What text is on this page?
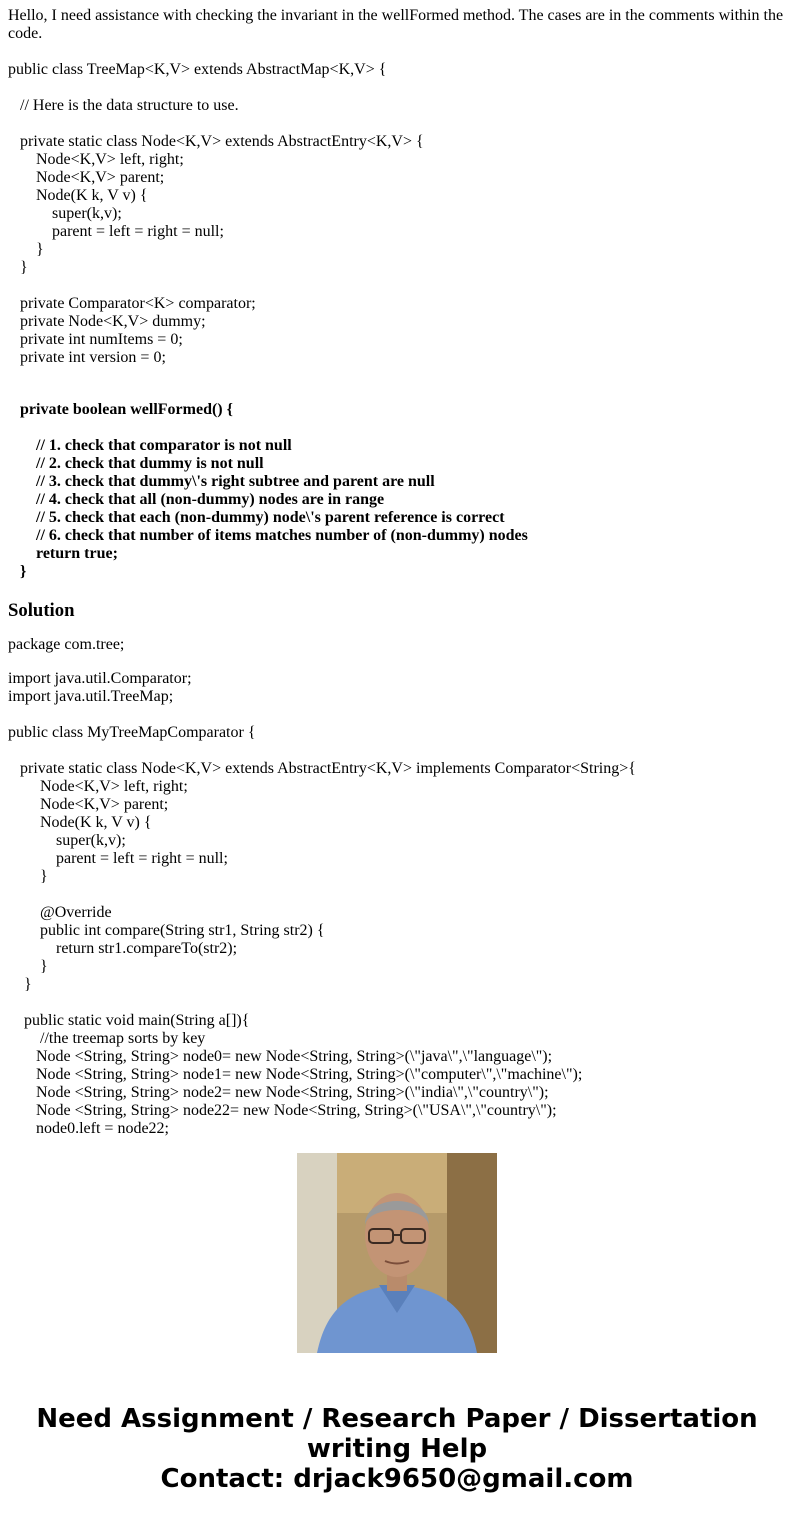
Hello, I need assistance with checking the invariant in the wellFormed method. The cases are in the comments within the code.
public class TreeMap<K,V> extends AbstractMap<K,V> {
// Here is the data structure to use.
private static class Node<K,V> extends AbstractEntry<K,V> {
Node<K,V> left, right;
Node<K,V> parent;
Node(K k, V v) {
super(k,v);
parent = left = right = null;
}
}
private Comparator<K> comparator;
private Node<K,V> dummy;
private int numItems = 0;
private int version = 0;
private boolean wellFormed() {
// 1. check that comparator is not null
// 2. check that dummy is not null
// 3. check that dummy\'s right subtree and parent are null
// 4. check that all (non-dummy) nodes are in range
// 5. check that each (non-dummy) node\'s parent reference is correct
// 6. check that number of items matches number of (non-dummy) nodes
return true;
}
Solution
package com.tree;
import java.util.Comparator;
import java.util.TreeMap;
public class MyTreeMapComparator {
private static class Node<K,V> extends AbstractEntry<K,V> implements Comparator<String>{
Node<K,V> left, right;
Node<K,V> parent;
Node(K k, V v) {
super(k,v);
parent = left = right = null;
}
@Override
public int compare(String str1, String str2) {
return str1.compareTo(str2);
}
}
public static void main(String a[]){
//the treemap sorts by key
Node <String, String> node0= new Node<String, String>(\"java\",\"language\");
Node <String, String> node1= new Node<String, String>(\"computer\",\"machine\");
Node <String, String> node2= new Node<String, String>(\"india\",\"country\");
Node <String, String> node22= new Node<String, String>(\"USA\",\"country\");
node0.left = node22;
Need Assignment / Research Paper / Dissertation
writing Help
Contact: drjack9650@gmail.com
